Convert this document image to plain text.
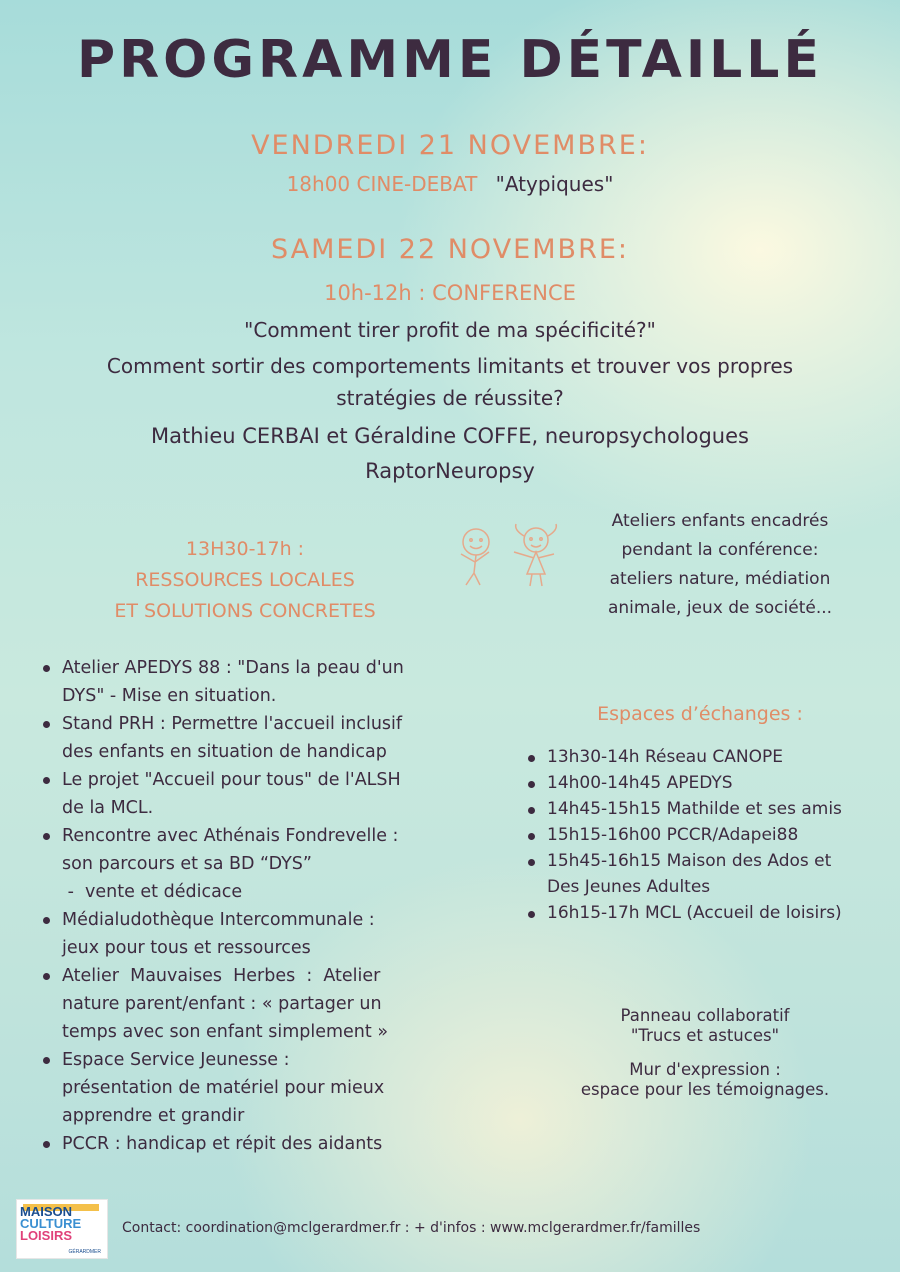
PROGRAMME DÉTAILLÉ
VENDREDI 21 NOVEMBRE:
18h00 CINE-DEBAT "Atypiques"
SAMEDI 22 NOVEMBRE:
10h-12h : CONFERENCE
"Comment tirer profit de ma spécificité?"
Comment sortir des comportements limitants et trouver vos propres
stratégies de réussite?
Mathieu CERBAI et Géraldine COFFE, neuropsychologues
RaptorNeuropsy
13H30-17h :
RESSOURCES LOCALES
ET SOLUTIONS CONCRETES
Ateliers enfants encadrés
pendant la conférence:
ateliers nature, médiation
animale, jeux de société...
Atelier APEDYS 88 : "Dans la peau d'un
DYS" - Mise en situation.
Stand PRH : Permettre l'accueil inclusif
des enfants en situation de handicap
Le projet "Accueil pour tous" de l'ALSH
de la MCL.
Rencontre avec Athénais Fondrevelle :
son parcours et sa BD “DYS”
-  vente et dédicace
Médialudothèque Intercommunale :
jeux pour tous et ressources
Atelier  Mauvaises  Herbes  :  Atelier
nature parent/enfant : « partager un
temps avec son enfant simplement »
Espace Service Jeunesse :
présentation de matériel pour mieux
apprendre et grandir
PCCR : handicap et répit des aidants
Espaces d’échanges :
13h30-14h Réseau CANOPE
14h00-14h45 APEDYS
14h45-15h15 Mathilde et ses amis
15h15-16h00 PCCR/Adapei88
15h45-16h15 Maison des Ados et
Des Jeunes Adultes
16h15-17h MCL (Accueil de loisirs)
Panneau collaboratif
"Trucs et astuces"
Mur d'expression :
espace pour les témoignages.
MAISON
CULTURE
LOISIRS
GÉRARDMER
Contact: coordination@mclgerardmer.fr : + d'infos : www.mclgerardmer.fr/familles
